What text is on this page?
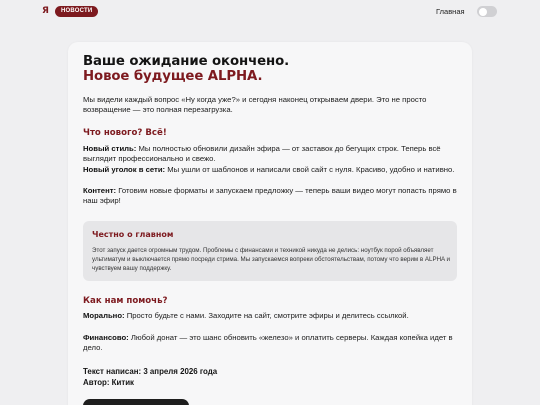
Я	НОВОСТИ	Главная
Ваше ожидание окончено.
Новое будущее ALPHA.

Мы видели каждый вопрос «Ну когда уже?» и сегодня наконец открываем двери. Это не просто возвращение — это полная перезагрузка.

Что нового? Всё!

Новый стиль: Мы полностью обновили дизайн эфира — от заставок до бегущих строк. Теперь всё выглядит профессионально и свежо.

Новый уголок в сети: Мы ушли от шаблонов и написали свой сайт с нуля. Красиво, удобно и нативно.

Контент: Готовим новые форматы и запускаем предложку — теперь ваши видео могут попасть прямо в наш эфир!

Честно о главном
Этот запуск дается огромным трудом. Проблемы с финансами и техникой никуда не делись: ноутбук порой объявляет ультиматум и выключается прямо посреди стрима. Мы запускаемся вопреки обстоятельствам, потому что верим в ALPHA и чувствуем вашу поддержку.
Как нам помочь?

Морально: Просто будьте с нами. Заходите на сайт, смотрите эфиры и делитесь ссылкой.

Финансово: Любой донат — это шанс обновить «железо» и оплатить серверы. Каждая копейка идет в дело.

Текст написан: 3 апреля 2026 года
Автор: Китик
